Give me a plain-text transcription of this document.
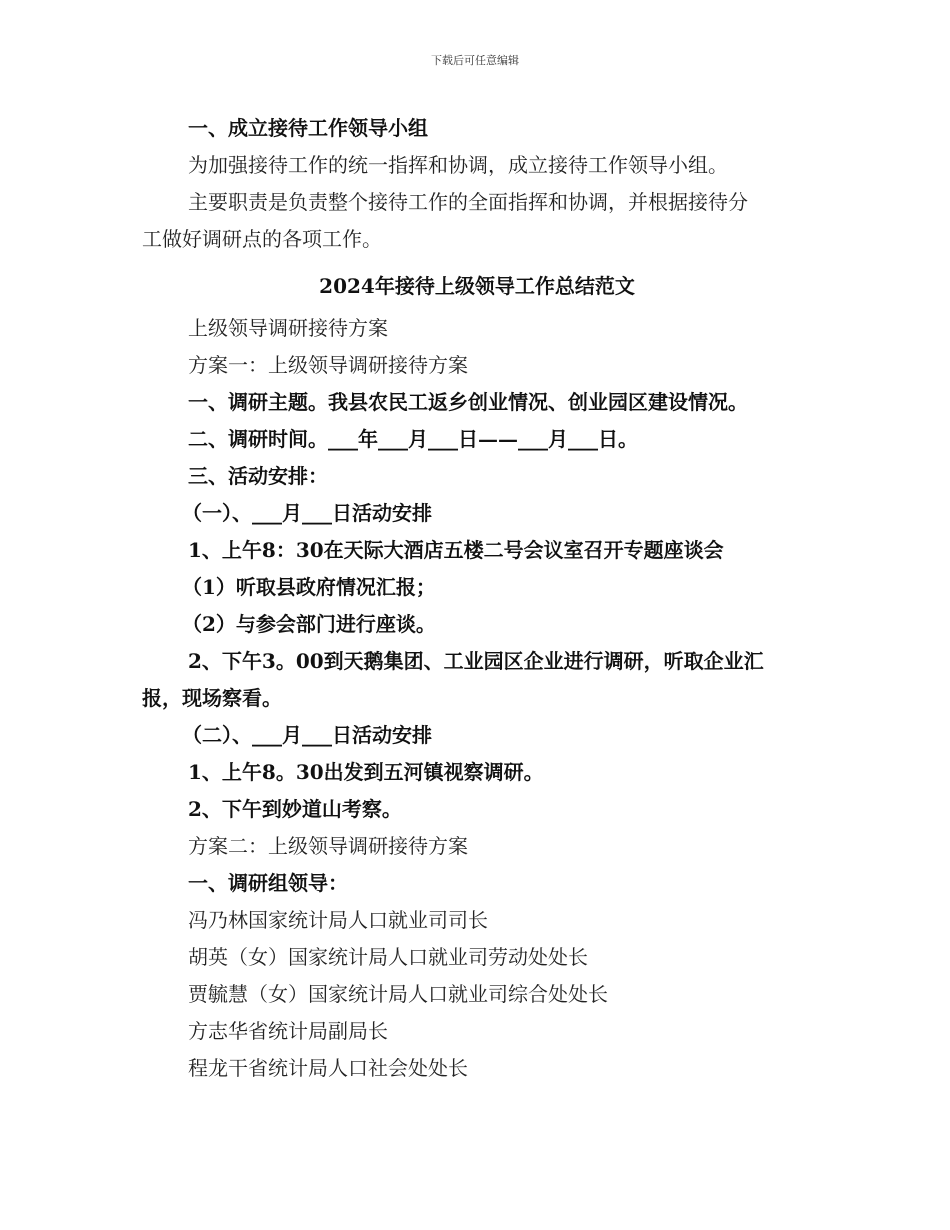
下载后可任意编辑

一、成立接待工作领导小组

为加强接待工作的统一指挥和协调，成立接待工作领导小组。

主要职责是负责整个接待工作的全面指挥和协调，并根据接待分

工做好调研点的各项工作。

2024年接待上级领导工作总结范文

上级领导调研接待方案

方案一：上级领导调研接待方案

一、调研主题。我县农民工返乡创业情况、创业园区建设情况。

二、调研时间。___年___月___日——___月___日。

三、活动安排：

（一）、___月___日活动安排

1、上午8：30在天际大酒店五楼二号会议室召开专题座谈会

（1）听取县政府情况汇报；

（2）与参会部门进行座谈。

2、下午3。00到天鹅集团、工业园区企业进行调研，听取企业汇

报，现场察看。

（二）、___月___日活动安排

1、上午8。30出发到五河镇视察调研。

2、下午到妙道山考察。

方案二：上级领导调研接待方案

一、调研组领导：

冯乃林国家统计局人口就业司司长

胡英（女）国家统计局人口就业司劳动处处长

贾毓慧（女）国家统计局人口就业司综合处处长

方志华省统计局副局长

程龙干省统计局人口社会处处长
